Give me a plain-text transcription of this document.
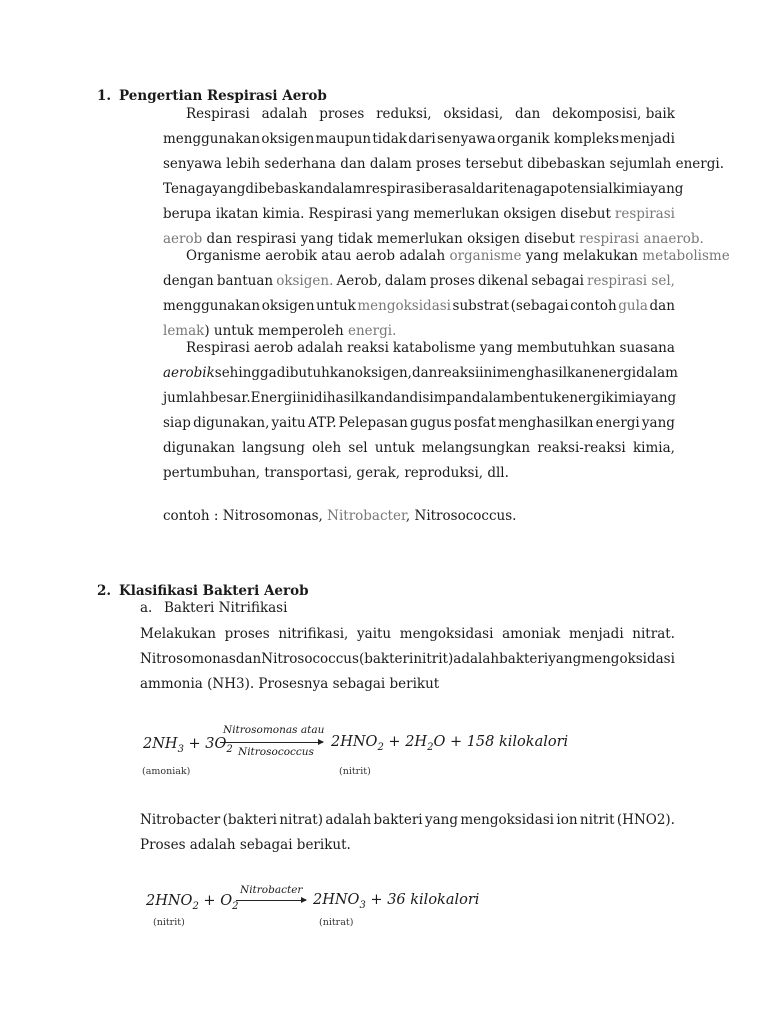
1. Pengertian Respirasi Aerob
Respirasi adalah proses reduksi, oksidasi, dan dekomposisi, baik
menggunakan oksigen maupun tidak dari senyawa organik kompleks menjadi
senyawa lebih sederhana dan dalam proses tersebut dibebaskan sejumlah energi.
Tenaga yang dibebaskan dalam respirasi berasal dari tenaga potensial kimia yang
berupa ikatan kimia. Respirasi yang memerlukan oksigen disebut respirasi
aerob dan respirasi yang tidak memerlukan oksigen disebut respirasi anaerob.
Organisme aerobik atau aerob adalah organisme yang melakukan metabolisme
dengan bantuan oksigen. Aerob, dalam proses dikenal sebagai respirasi sel,
menggunakan oksigen untuk mengoksidasi substrat (sebagai contoh gula dan
lemak) untuk memperoleh energi.
Respirasi aerob adalah reaksi katabolisme yang membutuhkan suasana
aerobik sehingga dibutuhkan oksigen, dan reaksi ini menghasilkan energi dalam
jumlah besar. Energi ini dihasilkan dan disimpan dalam bentuk energi kimia yang
siap digunakan, yaitu ATP. Pelepasan gugus posfat menghasilkan energi yang
digunakan langsung oleh sel untuk melangsungkan reaksi-reaksi kimia,
pertumbuhan, transportasi, gerak, reproduksi, dll.
contoh : Nitrosomonas, Nitrobacter, Nitrosococcus.
2. Klasifikasi Bakteri Aerob
a. Bakteri Nitrifikasi
Melakukan proses nitrifikasi, yaitu mengoksidasi amoniak menjadi nitrat.
Nitrosomonas dan Nitrosococcus (bakteri nitrit) adalah bakteri yang mengoksidasi
ammonia (NH3). Prosesnya sebagai berikut
$2NH_3 + 3O_2$
Nitrosomonas atau
Nitrosococcus
$2HNO_2 + 2H_2O + 158$ kilokalori
(amoniak)	(nitrit)
Nitrobacter (bakteri nitrat) adalah bakteri yang mengoksidasi ion nitrit (HNO2).
Proses adalah sebagai berikut.
$2HNO_2 + O_2$
Nitrobacter
$2HNO_3 + 36$ kilokalori
(nitrit)	(nitrat)
